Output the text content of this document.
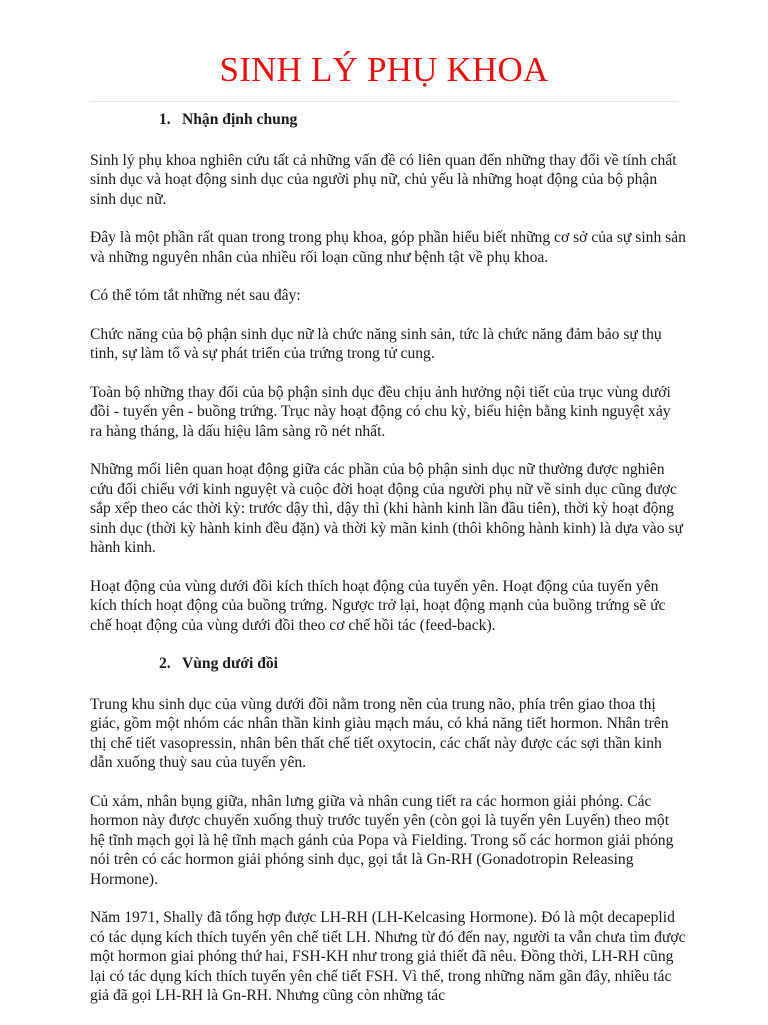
SINH LÝ PHỤ KHOA

1. Nhận định chung

Sinh lý phụ khoa nghiên cứu tất cả những vấn đề có liên quan đến những thay đổi về tính chất sinh dục và hoạt động sinh dục của người phụ nữ, chủ yếu là những hoạt động của bộ phận sinh dục nữ.

Đây là một phần rất quan trong trong phụ khoa, góp phần hiểu biết những cơ sở của sự sinh sản và những nguyên nhân của nhiều rối loạn cũng như bệnh tật về phụ khoa.

Có thể tóm tắt những nét sau đây:

Chức năng của bộ phận sinh dục nữ là chức năng sinh sản, tức là chức năng đảm bảo sự thụ tinh, sự làm tổ và sự phát triển của trứng trong tử cung.

Toàn bộ những thay đổi của bộ phận sinh dục đều chịu ảnh hưởng nội tiết của trục vùng dưới đồi - tuyến yên - buồng trứng. Trục này hoạt động có chu kỳ, biểu hiện bằng kinh nguyệt xảy ra hàng tháng, là dấu hiệu lâm sàng rõ nét nhất.

Những mối liên quan hoạt động giữa các phần của bộ phận sinh dục nữ thường được nghiên cứu đối chiếu với kinh nguyệt và cuộc đời hoạt động của người phụ nữ về sinh dục cũng được sắp xếp theo các thời kỳ: trước dậy thì, dậy thì (khi hành kinh lần đầu tiên), thời kỳ hoạt động sinh dục (thời kỳ hành kinh đều đặn) và thời kỳ mãn kinh (thôi không hành kinh) là dựa vào sự hành kinh.

Hoạt động của vùng dưới đồi kích thích hoạt động của tuyến yên. Hoạt động của tuyến yên kích thích hoạt động của buồng trứng. Ngược trở lại, hoạt động mạnh của buồng trứng sẽ ức chế hoạt động của vùng dưới đồi theo cơ chế hồi tác (feed-back).

2. Vùng dưới đồi

Trung khu sinh dục của vùng dưới đồi nằm trong nền của trung não, phía trên giao thoa thị giác, gồm một nhóm các nhân thần kinh giàu mạch máu, có khả năng tiết hormon. Nhân trên thị chế tiết vasopressin, nhân bên thất chế tiết oxytocin, các chất này được các sợi thần kinh dẫn xuống thuỳ sau của tuyến yên.

Củ xám, nhân bụng giữa, nhân lưng giữa và nhân cung tiết ra các hormon giải phóng. Các hormon này được chuyển xuống thuỳ trước tuyến yên (còn gọi là tuyến yên Luyến) theo một hệ tĩnh mạch gọi là hệ tĩnh mạch gánh của Popa và Fielding. Trong số các hormon giải phóng nói trên có các hormon giải phóng sinh dục, gọi tắt là Gn-RH (Gonadotropin Releasing Hormone).

Năm 1971, Shally đã tổng hợp được LH-RH (LH-Kelcasing Hormone). Đó là một decapeplid có tác dụng kích thích tuyến yên chế tiết LH. Nhưng từ đó đến nay, người ta vẫn chưa tìm được một hormon giai phóng thứ hai, FSH-KH như trong giả thiết đã nêu. Đồng thời, LH-RH cũng lại có tác dụng kích thích tuyến yên chế tiết FSH. Vì thế, trong những năm gần đây, nhiều tác giả đã gọi LH-RH là Gn-RH. Nhưng cũng còn những tác
